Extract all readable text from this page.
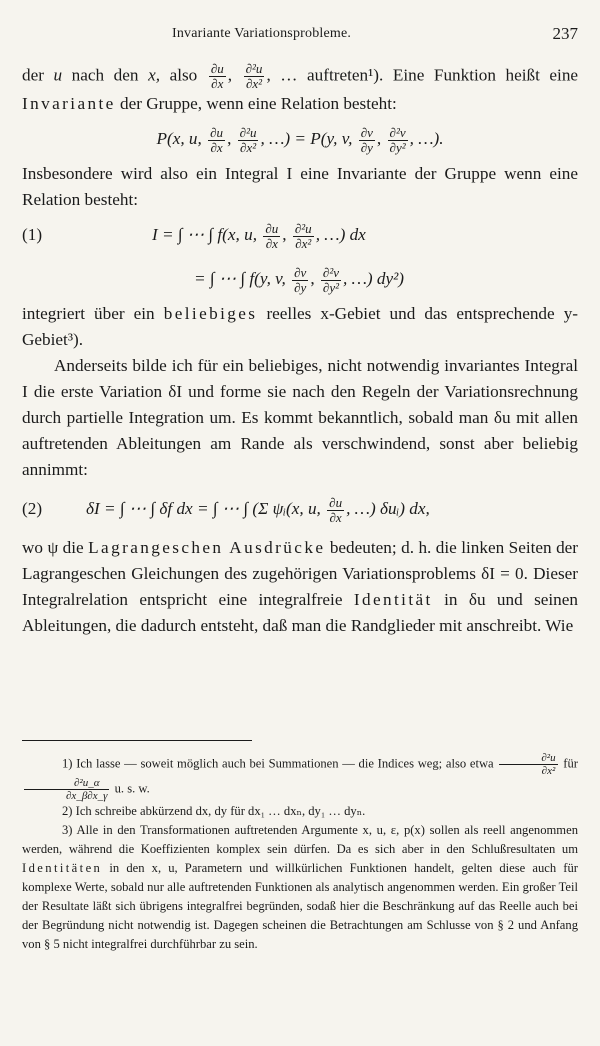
Invariante Variationsprobleme.	237

der u nach den x, also $\frac{\partial u}{\partial x}$ , $\frac{\text{∂²u}}{\text{∂x²}}$ , … auftreten¹). Eine Funktion heißt eine Invariante der Gruppe, wenn eine Relation besteht:

P(x, u, $\frac{\partial u}{\partial x}$ , $\frac{\text{∂²u}}{\text{∂x²}}$ , …) = P(y, v, $\frac{\partial v}{\partial y}$ , $\frac{\text{∂²v}}{\text{∂y²}}$ , …).

Insbesondere wird also ein Integral I eine Invariante der Gruppe wenn eine Relation besteht:

(1)	I = ∫ ⋯ ∫ f(x, u, $\frac{\partial u}{\partial x}$ , $\frac{\text{∂²u}}{\text{∂x²}}$ , …) dx
= ∫ ⋯ ∫ f(y, v, $\frac{\partial v}{\partial y}$ , $\frac{\text{∂²v}}{\text{∂y²}}$ , …) dy²)

integriert über ein beliebiges reelles x-Gebiet und das entsprechende y-Gebiet³).

Anderseits bilde ich für ein beliebiges, nicht notwendig invariantes Integral I die erste Variation δI und forme sie nach den Regeln der Variationsrechnung durch partielle Integration um. Es kommt bekanntlich, sobald man δu mit allen auftretenden Ableitungen am Rande als verschwindend, sonst aber beliebig annimmt:

(2)	δI = ∫ ⋯ ∫ δf dx = ∫ ⋯ ∫ (Σ ψᵢ(x, u, $\frac{\partial u}{\partial x}$ , …) δuᵢ) dx,

wo ψ die Lagrangeschen Ausdrücke bedeuten; d. h. die linken Seiten der Lagrangeschen Gleichungen des zugehörigen Variationsproblems δI = 0. Dieser Integralrelation entspricht eine integralfreie Identität in δu und seinen Ableitungen, die dadurch entsteht, daß man die Randglieder mit anschreibt. Wie

1) Ich lasse — soweit möglich auch bei Summationen — die Indices weg; also etwa $\frac{\text{∂²u}}{\text{∂x²}}$ für
$\frac{\text{∂²u\_α}}{\partial x\_\beta\partial x\_\gamma} u$. s. w.

2) Ich schreibe abkürzend dx, dy für dx₁ … dxₙ, dy₁ … dyₙ.

3) Alle in den Transformationen auftretenden Argumente x, u, ε, p(x) sollen als reell angenommen werden, während die Koeffizienten komplex sein dürfen. Da es sich aber in den Schlußresultaten um Identitäten in den x, u, Parametern und willkürlichen Funktionen handelt, gelten diese auch für komplexe Werte, sobald nur alle auftretenden Funktionen als analytisch angenommen werden. Ein großer Teil der Resultate läßt sich übrigens integralfrei begründen, sodaß hier die Beschränkung auf das Reelle auch bei der Begründung nicht notwendig ist. Dagegen scheinen die Betrachtungen am Schlusse von § 2 und Anfang von § 5 nicht integralfrei durchführbar zu sein.
